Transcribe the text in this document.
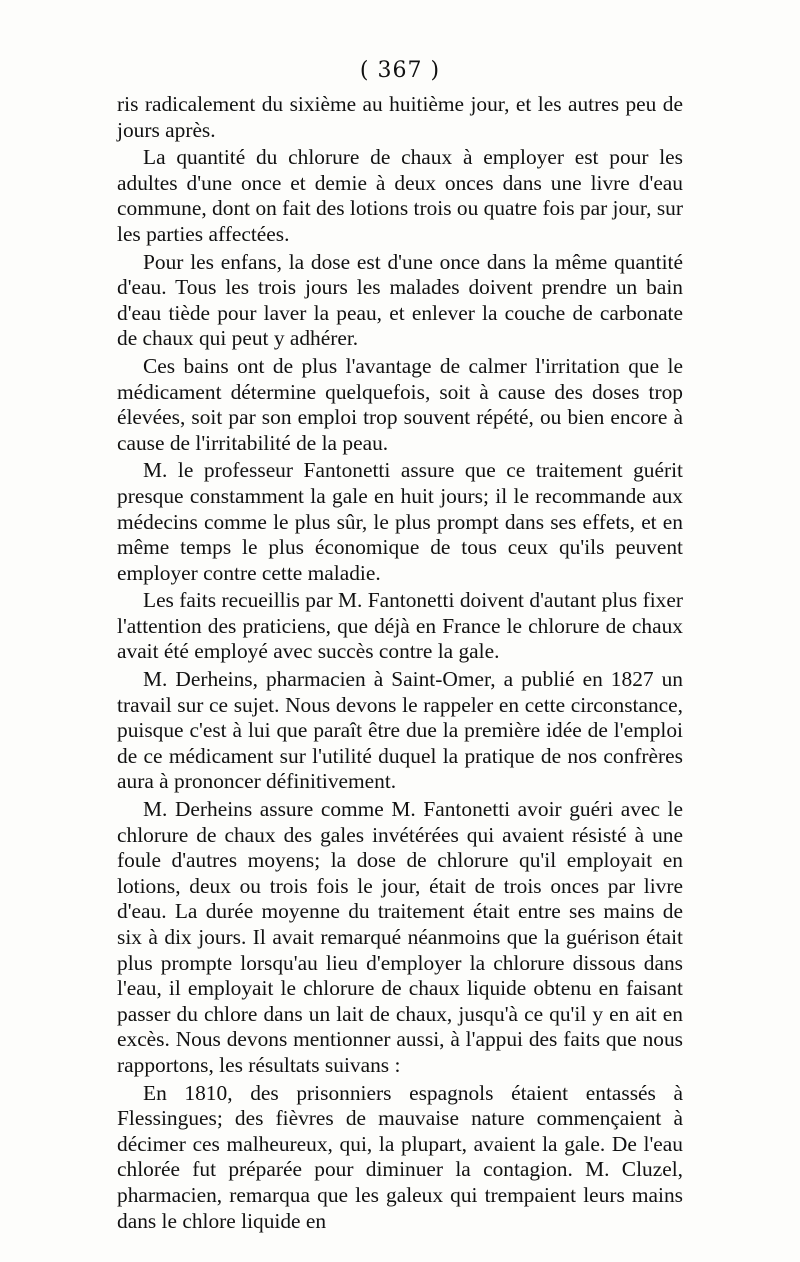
( 367 )

ris radicalement du sixième au huitième jour, et les autres peu de jours après.

La quantité du chlorure de chaux à employer est pour les adultes d'une once et demie à deux onces dans une livre d'eau commune, dont on fait des lotions trois ou quatre fois par jour, sur les parties affectées.

Pour les enfans, la dose est d'une once dans la même quantité d'eau. Tous les trois jours les malades doivent prendre un bain d'eau tiède pour laver la peau, et enlever la couche de carbonate de chaux qui peut y adhérer.

Ces bains ont de plus l'avantage de calmer l'irritation que le médicament détermine quelquefois, soit à cause des doses trop élevées, soit par son emploi trop souvent répété, ou bien encore à cause de l'irritabilité de la peau.

M. le professeur Fantonetti assure que ce traitement guérit presque constamment la gale en huit jours; il le recommande aux médecins comme le plus sûr, le plus prompt dans ses effets, et en même temps le plus économique de tous ceux qu'ils peuvent employer contre cette maladie.

Les faits recueillis par M. Fantonetti doivent d'autant plus fixer l'attention des praticiens, que déjà en France le chlorure de chaux avait été employé avec succès contre la gale.

M. Derheins, pharmacien à Saint-Omer, a publié en 1827 un travail sur ce sujet. Nous devons le rappeler en cette circonstance, puisque c'est à lui que paraît être due la première idée de l'emploi de ce médicament sur l'utilité duquel la pratique de nos confrères aura à prononcer définitivement.

M. Derheins assure comme M. Fantonetti avoir guéri avec le chlorure de chaux des gales invétérées qui avaient résisté à une foule d'autres moyens; la dose de chlorure qu'il employait en lotions, deux ou trois fois le jour, était de trois onces par livre d'eau. La durée moyenne du traitement était entre ses mains de six à dix jours. Il avait remarqué néanmoins que la guérison était plus prompte lorsqu'au lieu d'employer la chlorure dissous dans l'eau, il employait le chlorure de chaux liquide obtenu en faisant passer du chlore dans un lait de chaux, jusqu'à ce qu'il y en ait en excès. Nous devons mentionner aussi, à l'appui des faits que nous rapportons, les résultats suivans :

En 1810, des prisonniers espagnols étaient entassés à Flessingues; des fièvres de mauvaise nature commençaient à décimer ces malheureux, qui, la plupart, avaient la gale. De l'eau chlorée fut préparée pour diminuer la contagion. M. Cluzel, pharmacien, remarqua que les galeux qui trempaient leurs mains dans le chlore liquide en
